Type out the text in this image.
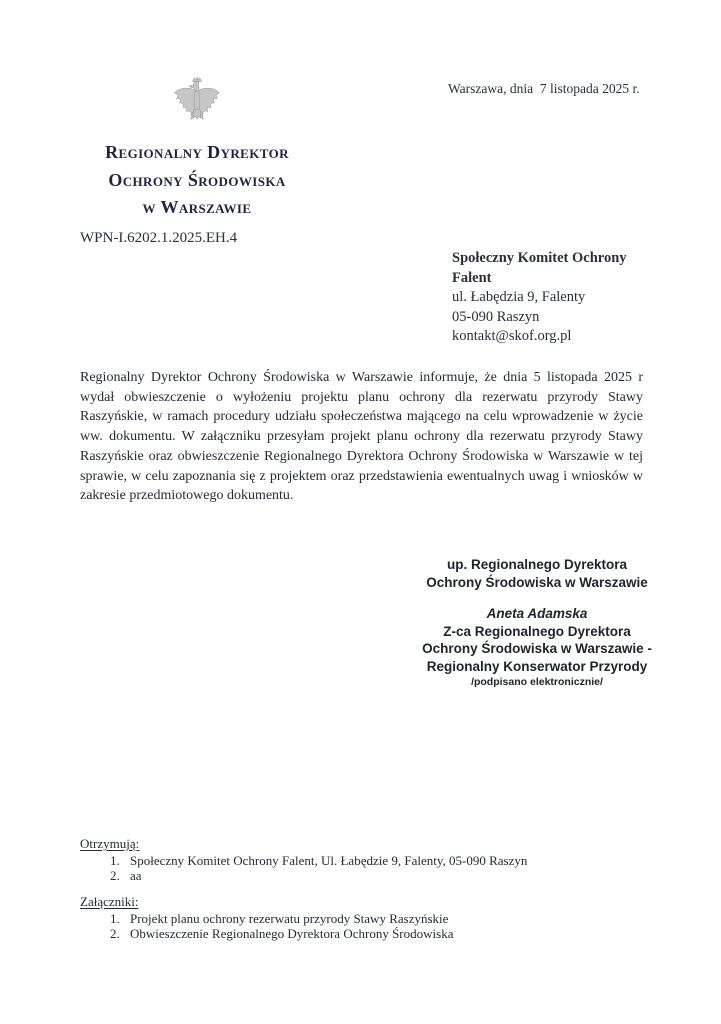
Warszawa, dnia  7 listopada 2025 r.
Regionalny Dyrektor
Ochrony Środowiska
w Warszawie
WPN-I.6202.1.2025.EH.4
Społeczny Komitet Ochrony
Falent
ul. Łabędzia 9, Falenty
05-090 Raszyn
kontakt@skof.org.pl
Regionalny Dyrektor Ochrony Środowiska w Warszawie informuje, że dnia 5 listopada 2025 r wydał obwieszczenie o wyłożeniu projektu planu ochrony dla rezerwatu przyrody Stawy Raszyńskie, w ramach procedury udziału społeczeństwa mającego na celu wprowadzenie w życie ww. dokumentu. W załączniku przesyłam projekt planu ochrony dla rezerwatu przyrody Stawy Raszyńskie oraz obwieszczenie Regionalnego Dyrektora Ochrony Środowiska w Warszawie w tej sprawie, w celu zapoznania się z projektem oraz przedstawienia ewentualnych uwag i wniosków w zakresie przedmiotowego dokumentu.
up. Regionalnego Dyrektora
Ochrony Środowiska w Warszawie
Aneta Adamska
Z-ca Regionalnego Dyrektora
Ochrony Środowiska w Warszawie -
Regionalny Konserwator Przyrody
/podpisano elektronicznie/
Otrzymują:
1. Społeczny Komitet Ochrony Falent, Ul. Łabędzie 9, Falenty, 05-090 Raszyn
2. aa
Załączniki:
1. Projekt planu ochrony rezerwatu przyrody Stawy Raszyńskie
2. Obwieszczenie Regionalnego Dyrektora Ochrony Środowiska
